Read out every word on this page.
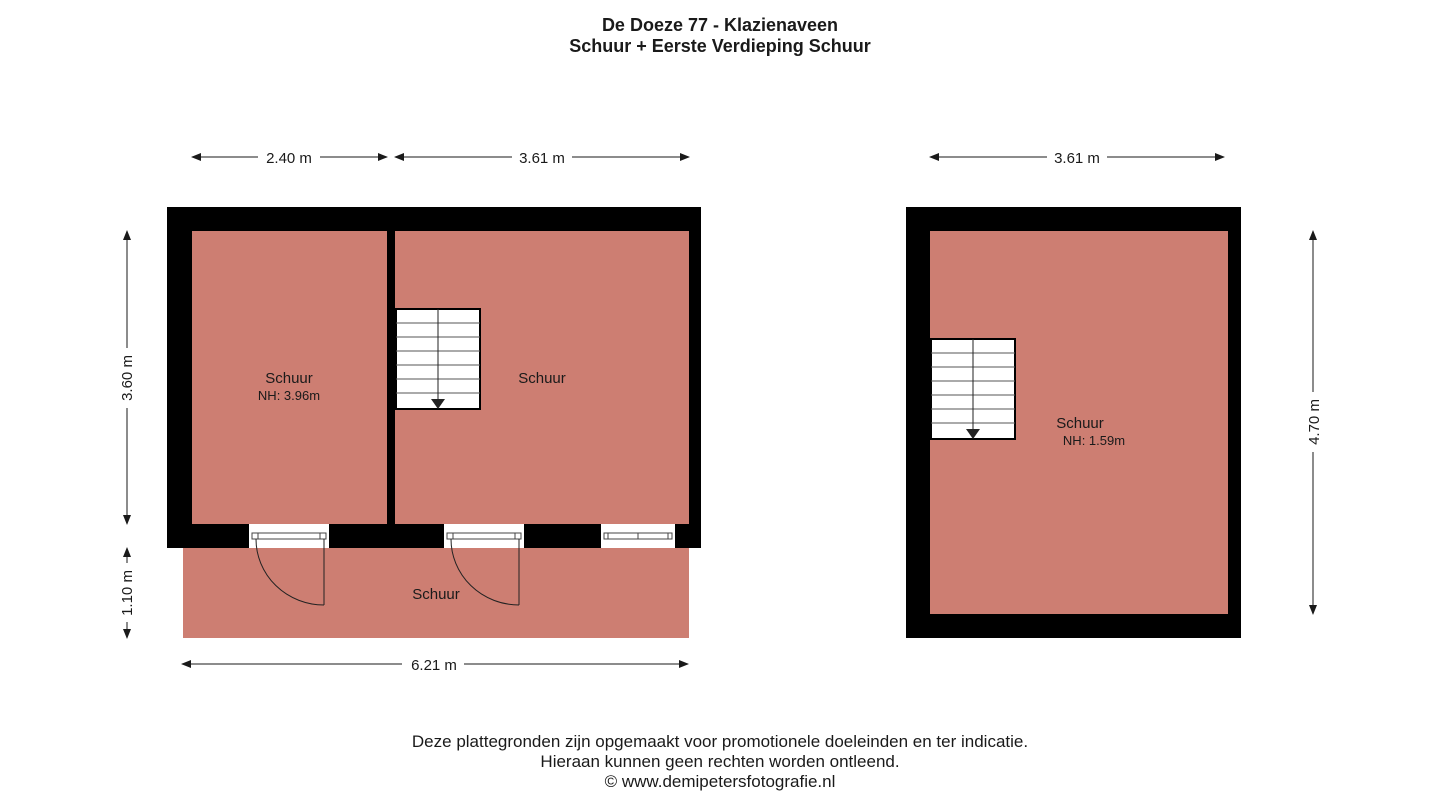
De Doeze 77 - Klazienaveen
Schuur + Eerste Verdieping Schuur
Schuur
NH: 3.96m
Schuur
Schuur
2.40 m	3.61 m
3.60 m
1.10 m
6.21 m
Schuur
NH: 1.59m
3.61 m
4.70 m
Deze plattegronden zijn opgemaakt voor promotionele doeleinden en ter indicatie.
Hieraan kunnen geen rechten worden ontleend.
© www.demipetersfotografie.nl
